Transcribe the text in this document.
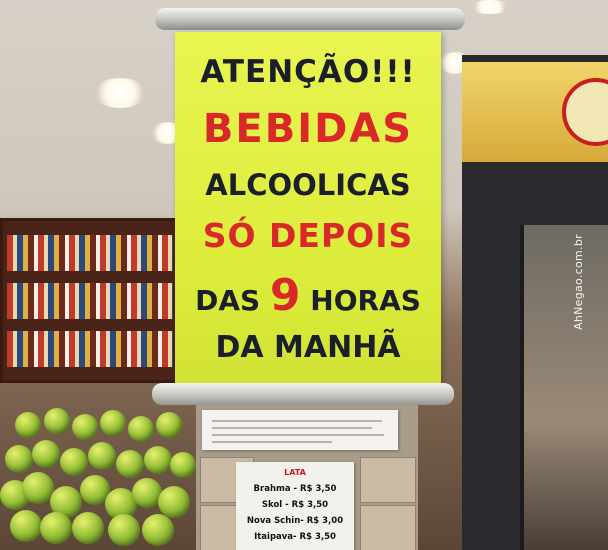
LATA
Brahma - R$ 3,50
Skol - R$ 3,50
Nova Schin- R$ 3,00
Itaipava- R$ 3,50
ATENÇÃO!!!
BEBIDAS
ALCOOLICAS
SÓ DEPOIS
DAS 9 HORAS
DA MANHÃ
AhNegao.com.br
